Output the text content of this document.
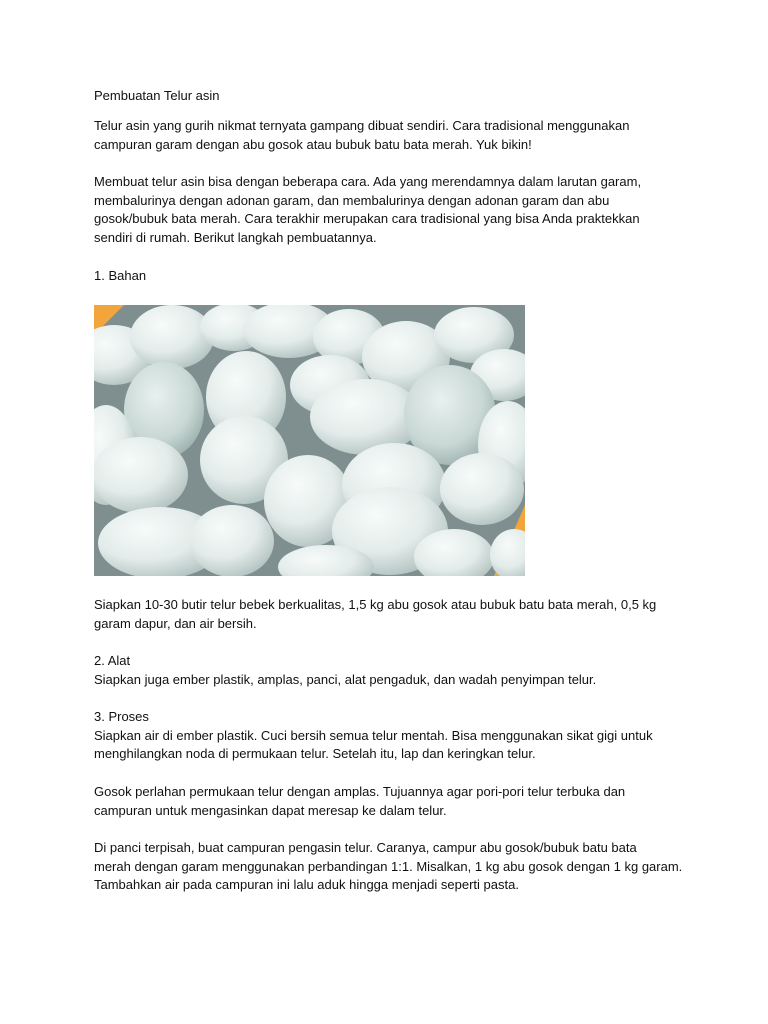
Pembuatan Telur asin

Telur asin yang gurih nikmat ternyata gampang dibuat sendiri. Cara tradisional menggunakan
campuran garam dengan abu gosok atau bubuk batu bata merah. Yuk bikin!

Membuat telur asin bisa dengan beberapa cara. Ada yang merendamnya dalam larutan garam,
membalurinya dengan adonan garam, dan membalurinya dengan adonan garam dan abu
gosok/bubuk bata merah. Cara terakhir merupakan cara tradisional yang bisa Anda praktekkan
sendiri di rumah. Berikut langkah pembuatannya.

1. Bahan

Siapkan 10-30 butir telur bebek berkualitas, 1,5 kg abu gosok atau bubuk batu bata merah, 0,5 kg
garam dapur, dan air bersih.

2. Alat
Siapkan juga ember plastik, amplas, panci, alat pengaduk, dan wadah penyimpan telur.

3. Proses
Siapkan air di ember plastik. Cuci bersih semua telur mentah. Bisa menggunakan sikat gigi untuk
menghilangkan noda di permukaan telur. Setelah itu, lap dan keringkan telur.

Gosok perlahan permukaan telur dengan amplas. Tujuannya agar pori-pori telur terbuka dan
campuran untuk mengasinkan dapat meresap ke dalam telur.

Di panci terpisah, buat campuran pengasin telur. Caranya, campur abu gosok/bubuk batu bata
merah dengan garam menggunakan perbandingan 1:1. Misalkan, 1 kg abu gosok dengan 1 kg garam.
Tambahkan air pada campuran ini lalu aduk hingga menjadi seperti pasta.
